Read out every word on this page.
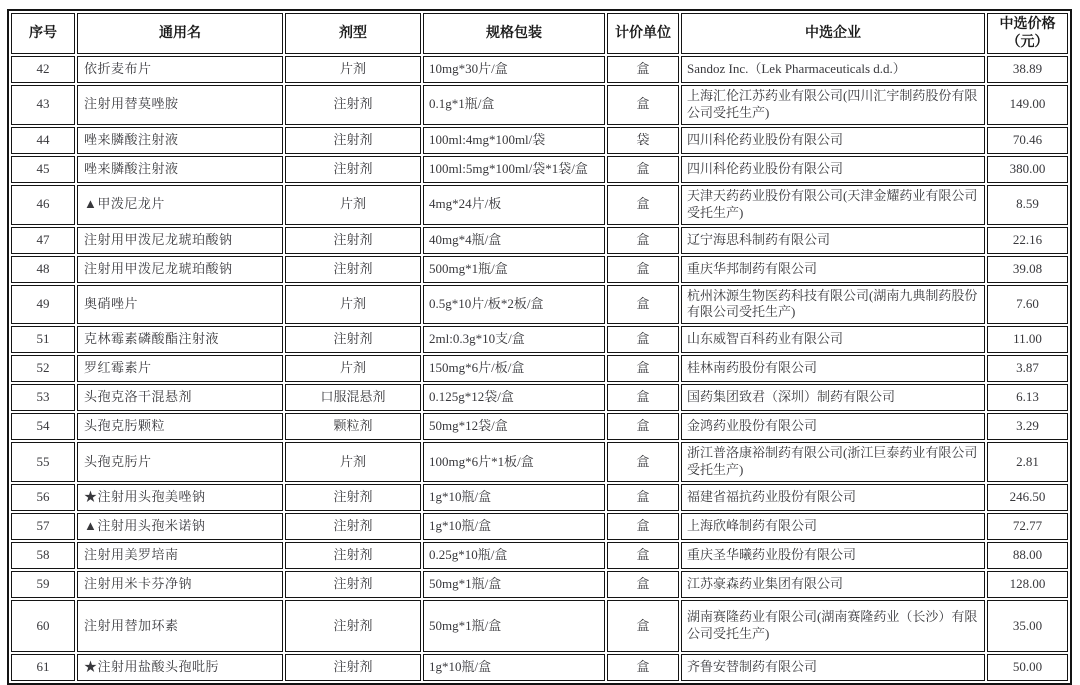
序号	通用名	剂型	规格包装	计价单位	中选企业	中选价格
（元）

42	依折麦布片	片剂	10mg*30片/盒	盒	Sandoz Inc.（Lek Pharmaceuticals d.d.）	38.89
43	注射用替莫唑胺	注射剂	0.1g*1瓶/盒	盒	上海汇伦江苏药业有限公司(四川汇宇制药股份有限公司受托生产)	149.00
44	唑来膦酸注射液	注射剂	100ml:4mg*100ml/袋	袋	四川科伦药业股份有限公司	70.46
45	唑来膦酸注射液	注射剂	100ml:5mg*100ml/袋*1袋/盒	盒	四川科伦药业股份有限公司	380.00
46	▲甲泼尼龙片	片剂	4mg*24片/板	盒	天津天药药业股份有限公司(天津金耀药业有限公司受托生产)	8.59
47	注射用甲泼尼龙琥珀酸钠	注射剂	40mg*4瓶/盒	盒	辽宁海思科制药有限公司	22.16
48	注射用甲泼尼龙琥珀酸钠	注射剂	500mg*1瓶/盒	盒	重庆华邦制药有限公司	39.08
49	奥硝唑片	片剂	0.5g*10片/板*2板/盒	盒	杭州沐源生物医药科技有限公司(湖南九典制药股份有限公司受托生产)	7.60
51	克林霉素磷酸酯注射液	注射剂	2ml:0.3g*10支/盒	盒	山东威智百科药业有限公司	11.00
52	罗红霉素片	片剂	150mg*6片/板/盒	盒	桂林南药股份有限公司	3.87
53	头孢克洛干混悬剂	口服混悬剂	0.125g*12袋/盒	盒	国药集团致君（深圳）制药有限公司	6.13
54	头孢克肟颗粒	颗粒剂	50mg*12袋/盒	盒	金鸿药业股份有限公司	3.29
55	头孢克肟片	片剂	100mg*6片*1板/盒	盒	浙江普洛康裕制药有限公司(浙江巨泰药业有限公司受托生产)	2.81
56	★注射用头孢美唑钠	注射剂	1g*10瓶/盒	盒	福建省福抗药业股份有限公司	246.50
57	▲注射用头孢米诺钠	注射剂	1g*10瓶/盒	盒	上海欣峰制药有限公司	72.77
58	注射用美罗培南	注射剂	0.25g*10瓶/盒	盒	重庆圣华曦药业股份有限公司	88.00
59	注射用米卡芬净钠	注射剂	50mg*1瓶/盒	盒	江苏豪森药业集团有限公司	128.00
60	注射用替加环素	注射剂	50mg*1瓶/盒	盒	湖南赛隆药业有限公司(湖南赛隆药业（长沙）有限公司受托生产)	35.00
61	★注射用盐酸头孢吡肟	注射剂	1g*10瓶/盒	盒	齐鲁安替制药有限公司	50.00
